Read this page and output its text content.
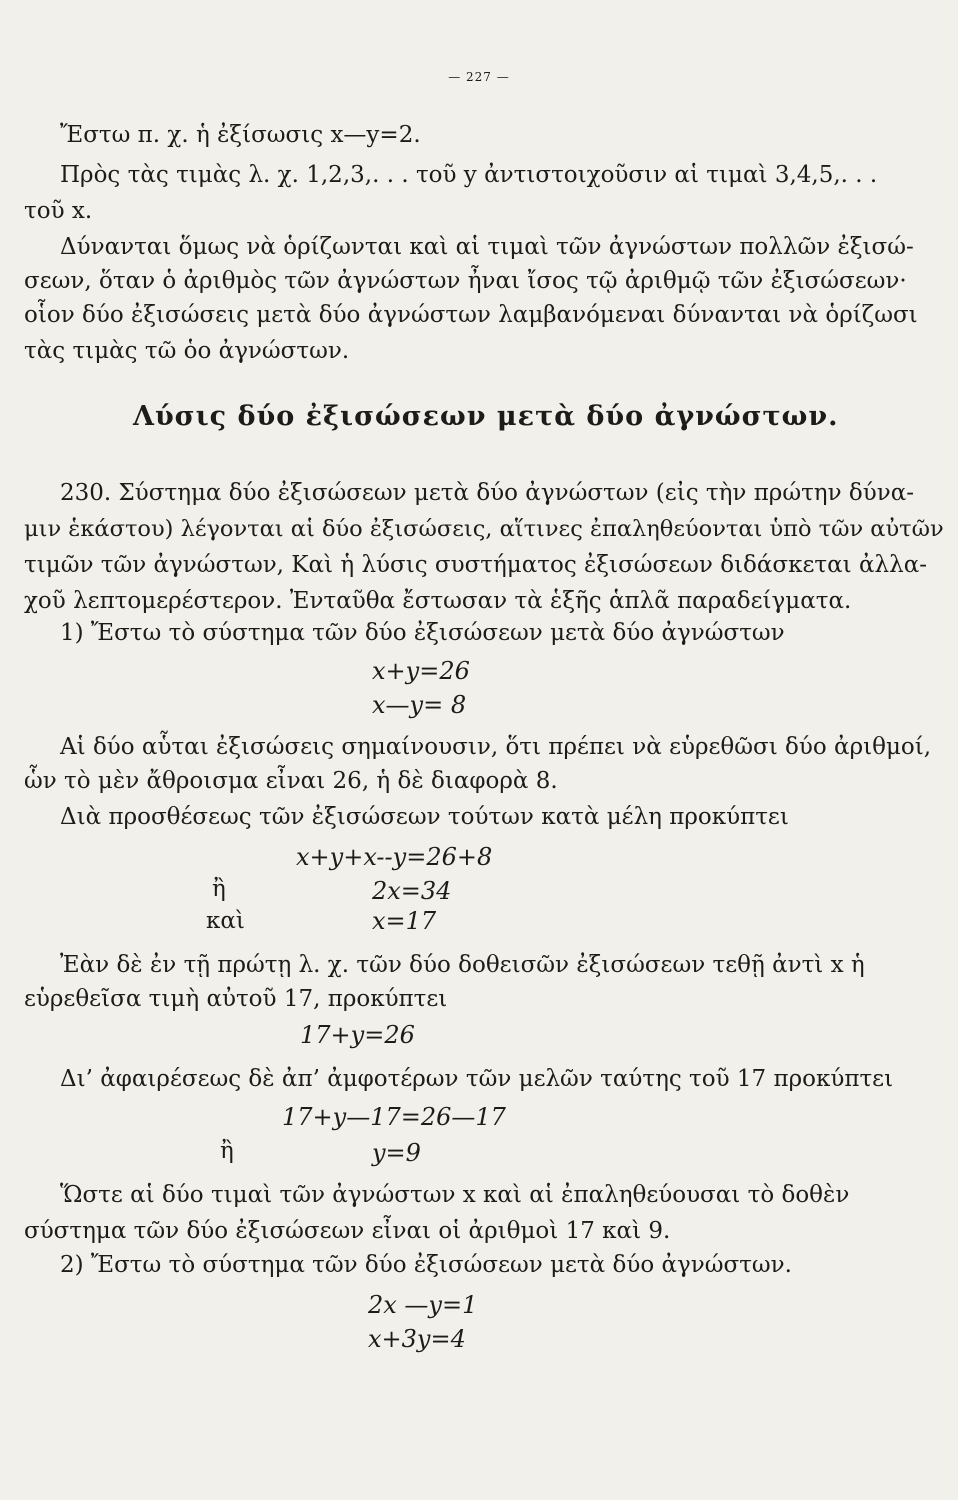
— 227 —
Ἔστω π. χ. ἡ ἐξίσωσις x—y=2.
Πρὸς τὰς τιμὰς λ. χ. 1,2,3,. . . τοῦ y ἀντιστοιχοῦσιν αἱ τιμαὶ 3,4,5,. . .
τοῦ x.
Δύνανται ὅμως νὰ ὁρίζωνται καὶ αἱ τιμαὶ τῶν ἀγνώστων πολλῶν ἐξισώ-
σεων, ὅταν ὁ ἀριθμὸς τῶν ἀγνώστων ἦναι ἴσος τῷ ἀριθμῷ τῶν ἐξισώσεων·
οἷον δύο ἐξισώσεις μετὰ δύο ἀγνώστων λαμβανόμεναι δύνανται νὰ ὁρίζωσι
τὰς τιμὰς τῶ ὁο ἀγνώστων.
Λύσις δύο ἐξισώσεων μετὰ δύο ἀγνώστων.
230. Σύστημα δύο ἐξισώσεων μετὰ δύο ἀγνώστων (εἰς τὴν πρώτην δύνα-
μιν ἑκάστου) λέγονται αἱ δύο ἐξισώσεις, αἵτινες ἐπαληθεύονται ὑπὸ τῶν αὐτῶν
τιμῶν τῶν ἀγνώστων, Καὶ ἡ λύσις συστήματος ἐξισώσεων διδάσκεται ἀλλα-
χοῦ λεπτομερέστερον. Ἐνταῦθα ἔστωσαν τὰ ἑξῆς ἁπλᾶ παραδείγματα.
1) Ἔστω τὸ σύστημα τῶν δύο ἐξισώσεων μετὰ δύο ἀγνώστων
x+y=26
x—y= 8
Αἱ δύο αὗται ἐξισώσεις σημαίνουσιν, ὅτι πρέπει νὰ εὑρεθῶσι δύο ἀριθμοί,
ὧν τὸ μὲν ἄθροισμα εἶναι 26, ἡ δὲ διαφορὰ 8.
Διὰ προσθέσεως τῶν ἐξισώσεων τούτων κατὰ μέλη προκύπτει
x+y+x--y=26+8
ἢ	2x=34
καὶ	x=17
Ἐὰν δὲ ἐν τῇ πρώτῃ λ. χ. τῶν δύο δοθεισῶν ἐξισώσεων τεθῇ ἀντὶ x ἡ
εὑρεθεῖσα τιμὴ αὐτοῦ 17, προκύπτει
17+y=26
Δι’ ἀφαιρέσεως δὲ ἀπ’ ἀμφοτέρων τῶν μελῶν ταύτης τοῦ 17 προκύπτει
17+y—17=26—17
ἢ	y=9
Ὥστε αἱ δύο τιμαὶ τῶν ἀγνώστων x καὶ αἱ ἐπαληθεύουσαι τὸ δοθὲν
σύστημα τῶν δύο ἐξισώσεων εἶναι οἱ ἀριθμοὶ 17 καὶ 9.
2) Ἔστω τὸ σύστημα τῶν δύο ἐξισώσεων μετὰ δύο ἀγνώστων.
2x —y=1
x+3y=4
